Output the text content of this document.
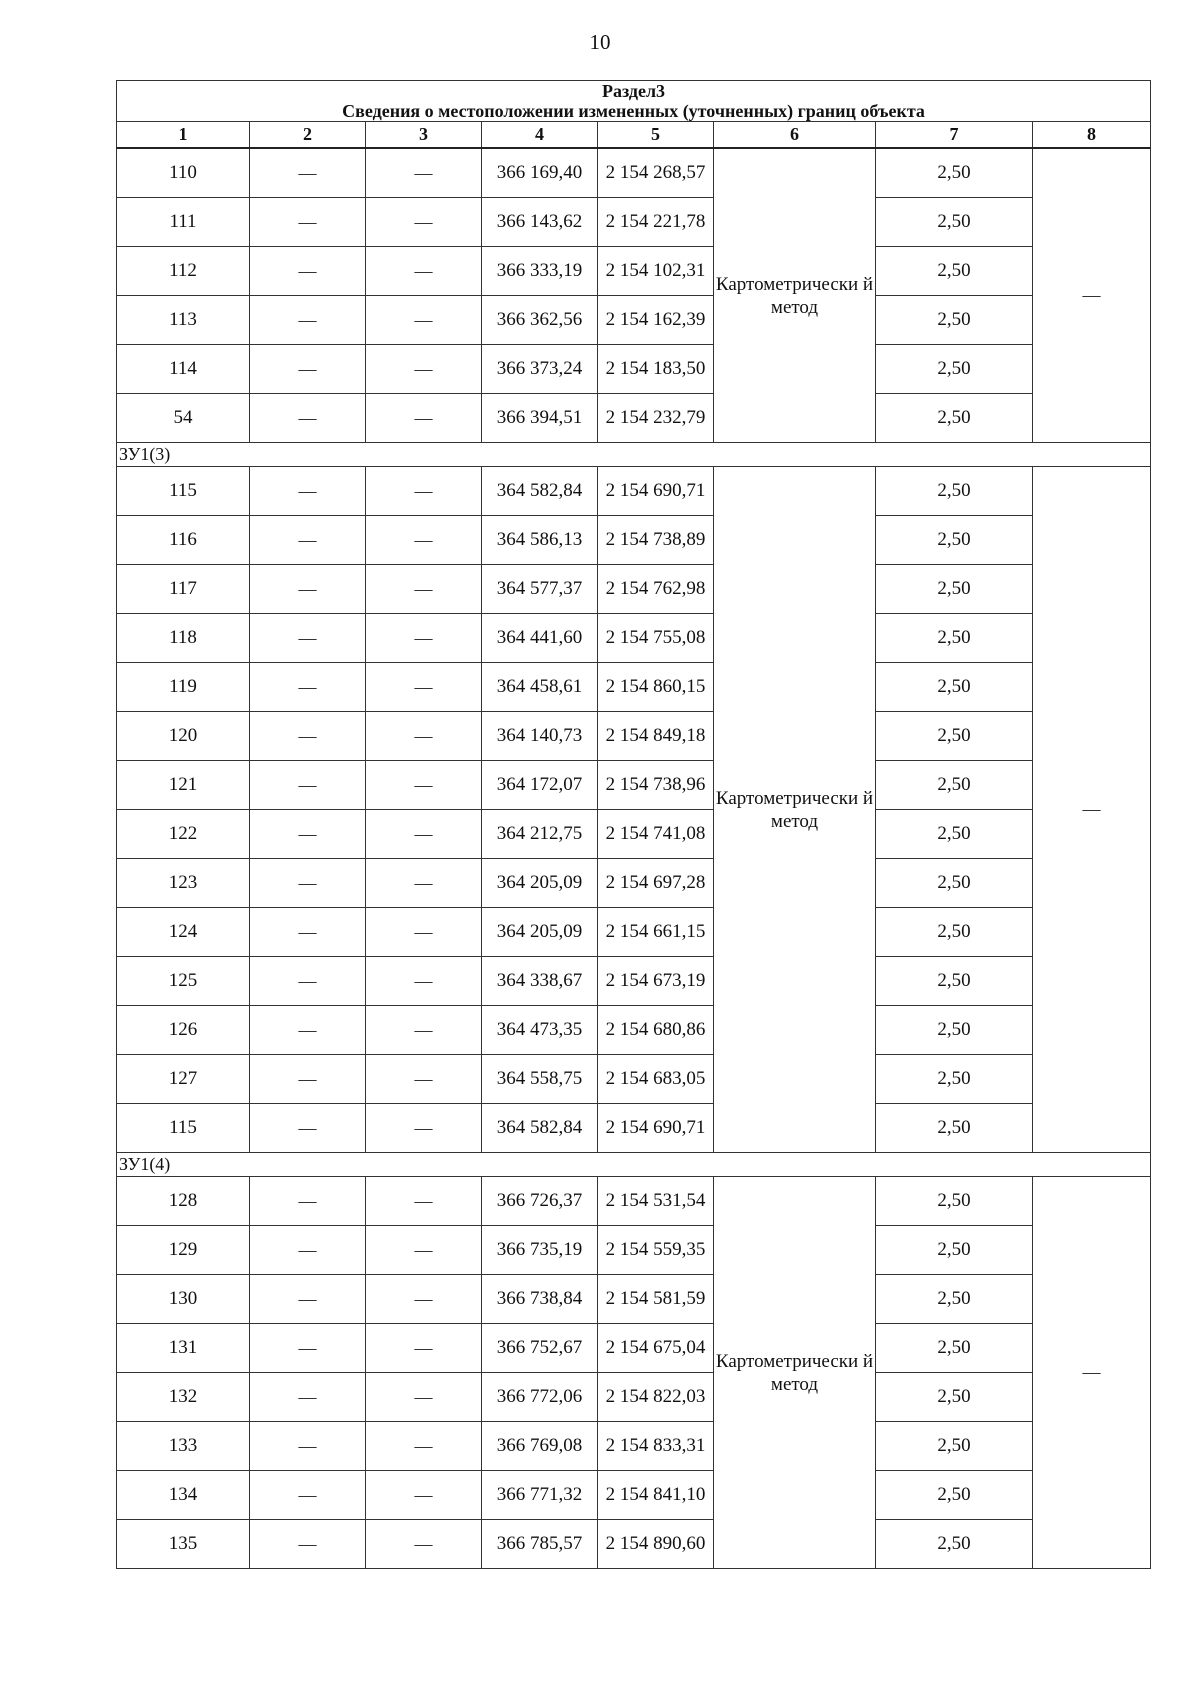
10
Раздел3
Сведения о местоположении измененных (уточненных) границ объекта							

1	2	3	4	5	6	7	8
110	—	—	366 169,40	2 154 268,57	Картометрически й метод	2,50	—
111	—	—	366 143,62	2 154 221,78		2,50	
112	—	—	366 333,19	2 154 102,31		2,50	
113	—	—	366 362,56	2 154 162,39		2,50	
114	—	—	366 373,24	2 154 183,50		2,50	
54	—	—	366 394,51	2 154 232,79		2,50	
ЗУ1(3)							
115	—	—	364 582,84	2 154 690,71	Картометрически й метод	2,50	—
116	—	—	364 586,13	2 154 738,89		2,50	
117	—	—	364 577,37	2 154 762,98		2,50	
118	—	—	364 441,60	2 154 755,08		2,50	
119	—	—	364 458,61	2 154 860,15		2,50	
120	—	—	364 140,73	2 154 849,18		2,50	
121	—	—	364 172,07	2 154 738,96		2,50	
122	—	—	364 212,75	2 154 741,08		2,50	
123	—	—	364 205,09	2 154 697,28		2,50	
124	—	—	364 205,09	2 154 661,15		2,50	
125	—	—	364 338,67	2 154 673,19		2,50	
126	—	—	364 473,35	2 154 680,86		2,50	
127	—	—	364 558,75	2 154 683,05		2,50	
115	—	—	364 582,84	2 154 690,71		2,50	
ЗУ1(4)							
128	—	—	366 726,37	2 154 531,54	Картометрически й метод	2,50	—
129	—	—	366 735,19	2 154 559,35		2,50	
130	—	—	366 738,84	2 154 581,59		2,50	
131	—	—	366 752,67	2 154 675,04		2,50	
132	—	—	366 772,06	2 154 822,03		2,50	
133	—	—	366 769,08	2 154 833,31		2,50	
134	—	—	366 771,32	2 154 841,10		2,50	
135	—	—	366 785,57	2 154 890,60		2,50	
